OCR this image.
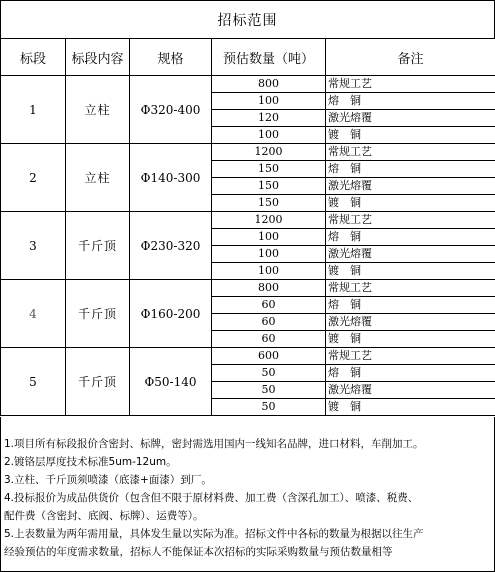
招标范围
标段	标段内容	规格	预估数量（吨）	备注
1	立柱	Φ320-400	800	常规工艺
			100	熔　铜
			120	激光熔覆
			100	镀　铜
2	立柱	Φ140-300	1200	常规工艺
			150	熔　铜
			150	激光熔覆
			150	镀　铜
3	千斤顶	Φ230-320	1200	常规工艺
			100	熔　铜
			100	激光熔覆
			100	镀　铜
4	千斤顶	Φ160-200	800	常规工艺
			60	熔　铜
			60	激光熔覆
			60	镀　铜
5	千斤顶	Φ50-140	600	常规工艺
			50	熔　铜
			50	激光熔覆
			50	镀　铜
1.项目所有标段报价含密封、标牌，密封需选用国内一线知名品牌，进口材料，车削加工。
2.镀铬层厚度技术标准5um-12um。
3.立柱、千斤顶须喷漆（底漆+面漆）到厂。
4.投标报价为成品供货价（包含但不限于原材料费、加工费（含深孔加工）、喷漆、税费、
配件费（含密封、底阀、标牌）、运费等）。
5.上表数量为两年需用量，具体发生量以实际为准。招标文件中各标的数量为根据以往生产
经验预估的年度需求数量，招标人不能保证本次招标的实际采购数量与预估数量相等
